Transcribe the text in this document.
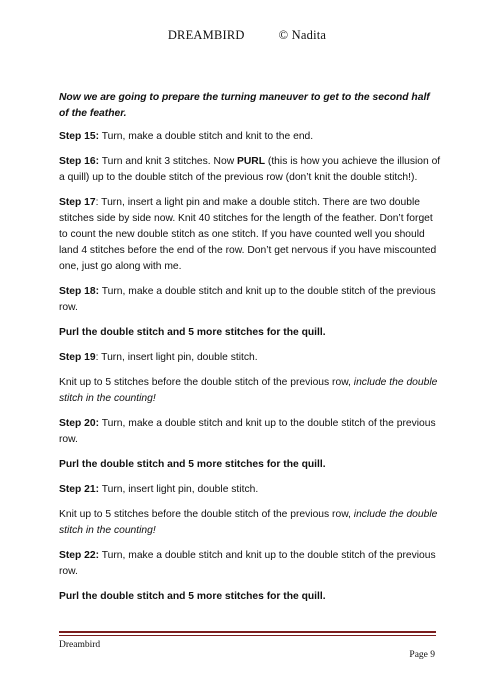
DREAMBIRD	© Nadita

Now we are going to prepare the turning maneuver to get to the second half of the feather.

Step 15: Turn, make a double stitch and knit to the end.

Step 16: Turn and knit 3 stitches. Now PURL (this is how you achieve the illusion of a quill) up to the double stitch of the previous row (don’t knit the double stitch!).

Step 17: Turn, insert a light pin and make a double stitch. There are two double stitches side by side now. Knit 40 stitches for the length of the feather. Don’t forget to count the new double stitch as one stitch. If you have counted well you should land 4 stitches before the end of the row. Don’t get nervous if you have miscounted one, just go along with me.

Step 18: Turn, make a double stitch and knit up to the double stitch of the previous row.

Purl the double stitch and 5 more stitches for the quill.

Step 19: Turn, insert light pin, double stitch.

Knit up to 5 stitches before the double stitch of the previous row, include the double stitch in the counting!

Step 20: Turn, make a double stitch and knit up to the double stitch of the previous row.

Purl the double stitch and 5 more stitches for the quill.

Step 21: Turn, insert light pin, double stitch.

Knit up to 5 stitches before the double stitch of the previous row, include the double stitch in the counting!

Step 22: Turn, make a double stitch and knit up to the double stitch of the previous row.

Purl the double stitch and 5 more stitches for the quill.

Dreambird
Page 9
